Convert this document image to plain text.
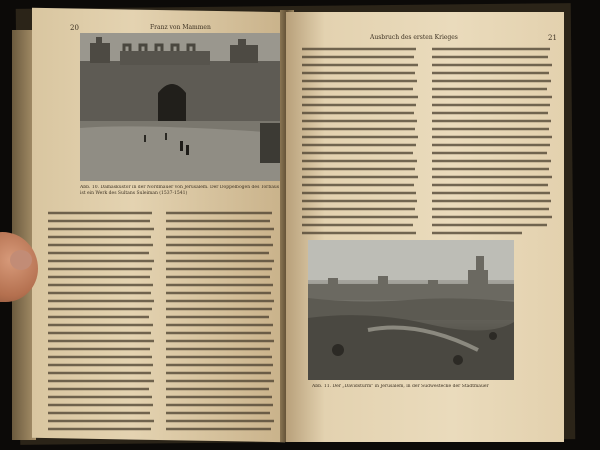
20	Franz von Mammen
Abb. 10. Damaskustor in der Nordmauer von Jerusalem. Der Doppelbogen des Torbaus ist ein Werk des Sultans Suleiman (1537-1541)
Ausbruch des ersten Krieges	21
Abb. 11. Der „Davidsturm" in Jerusalem, in der Südwestecke der Stadtmauer
